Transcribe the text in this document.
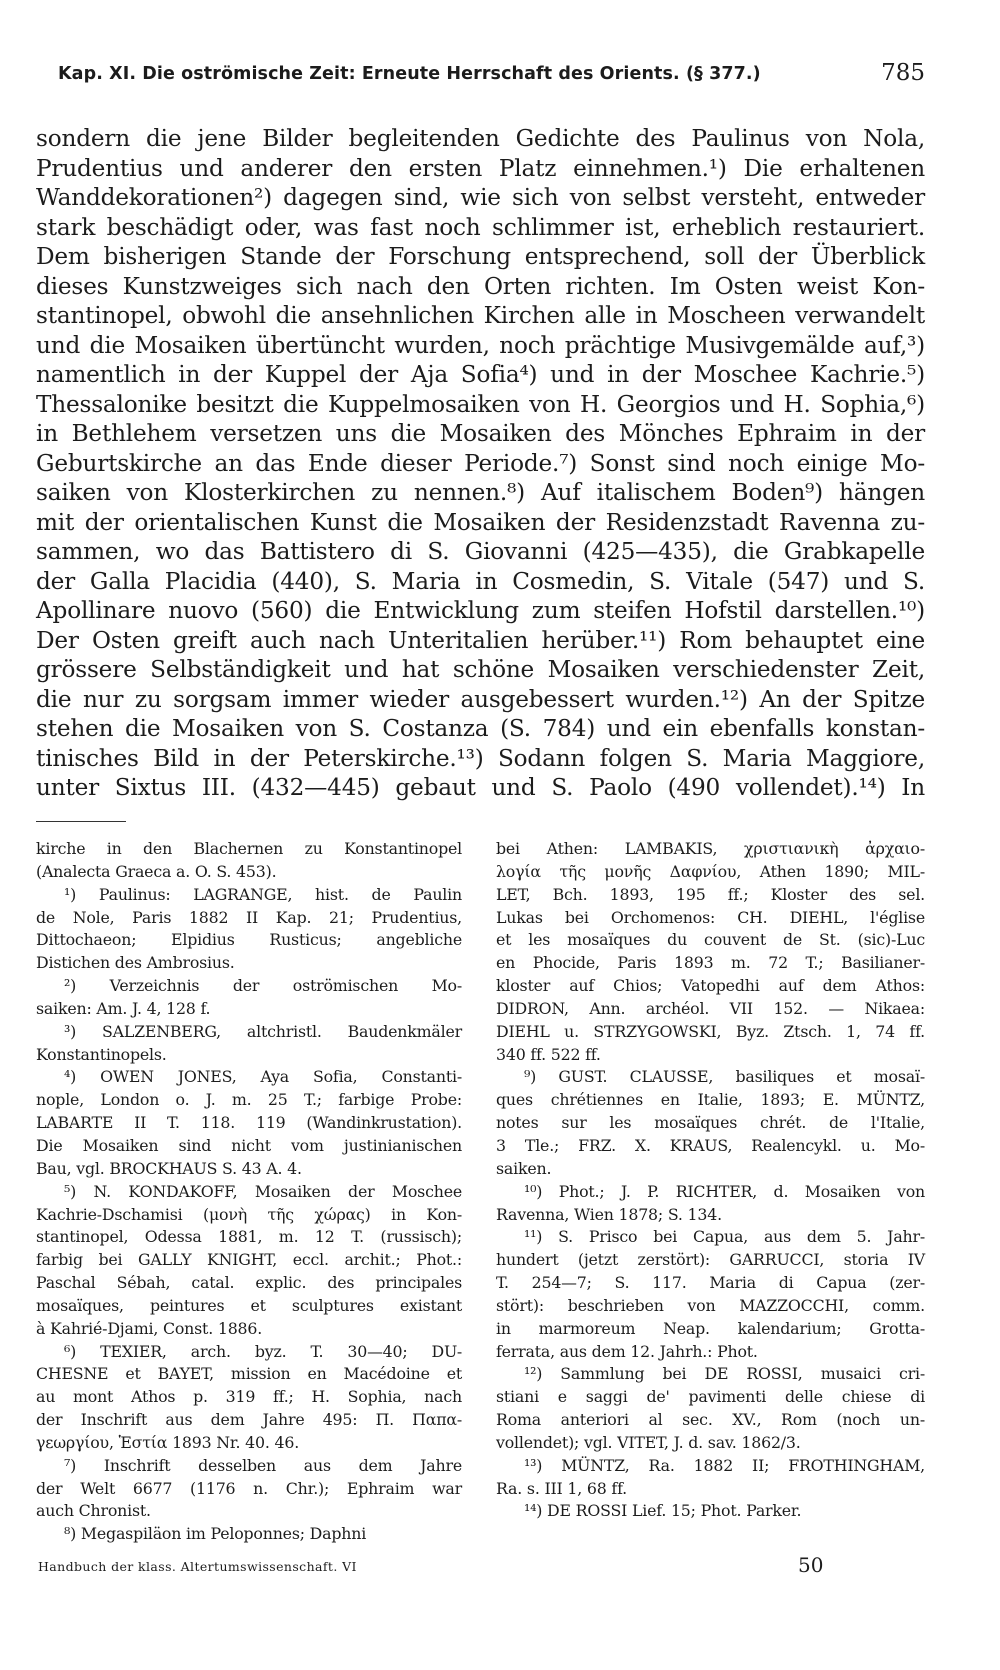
Kap. XI. Die oströmische Zeit: Erneute Herrschaft des Orients. (§ 377.)	785
sondern die jene Bilder begleitenden Gedichte des Paulinus von Nola,
Prudentius und anderer den ersten Platz einnehmen.¹) Die erhaltenen
Wanddekorationen²) dagegen sind, wie sich von selbst versteht, entweder
stark beschädigt oder, was fast noch schlimmer ist, erheblich restauriert.
Dem bisherigen Stande der Forschung entsprechend, soll der Überblick
dieses Kunstzweiges sich nach den Orten richten. Im Osten weist Kon-
stantinopel, obwohl die ansehnlichen Kirchen alle in Moscheen verwandelt
und die Mosaiken übertüncht wurden, noch prächtige Musivgemälde auf,³)
namentlich in der Kuppel der Aja Sofia⁴) und in der Moschee Kachrie.⁵)
Thessalonike besitzt die Kuppelmosaiken von H. Georgios und H. Sophia,⁶)
in Bethlehem versetzen uns die Mosaiken des Mönches Ephraim in der
Geburtskirche an das Ende dieser Periode.⁷) Sonst sind noch einige Mo-
saiken von Klosterkirchen zu nennen.⁸) Auf italischem Boden⁹) hängen
mit der orientalischen Kunst die Mosaiken der Residenzstadt Ravenna zu-
sammen, wo das Battistero di S. Giovanni (425—435), die Grabkapelle
der Galla Placidia (440), S. Maria in Cosmedin, S. Vitale (547) und S.
Apollinare nuovo (560) die Entwicklung zum steifen Hofstil darstellen.¹⁰)
Der Osten greift auch nach Unteritalien herüber.¹¹) Rom behauptet eine
grössere Selbständigkeit und hat schöne Mosaiken verschiedenster Zeit,
die nur zu sorgsam immer wieder ausgebessert wurden.¹²) An der Spitze
stehen die Mosaiken von S. Costanza (S. 784) und ein ebenfalls konstan-
tinisches Bild in der Peterskirche.¹³) Sodann folgen S. Maria Maggiore,
unter Sixtus III. (432—445) gebaut und S. Paolo (490 vollendet).¹⁴) In
kirche in den Blachernen zu Konstantinopel
(Analecta Graeca a. O. S. 453).
¹) Paulinus: LAGRANGE, hist. de Paulin
de Nole, Paris 1882 II Kap. 21; Prudentius,
Dittochaeon; Elpidius Rusticus; angebliche
Distichen des Ambrosius.
²) Verzeichnis der oströmischen Mo-
saiken: Am. J. 4, 128 f.
³) SALZENBERG, altchristl. Baudenkmäler
Konstantinopels.
⁴) OWEN JONES, Aya Sofia, Constanti-
nople, London o. J. m. 25 T.; farbige Probe:
LABARTE II T. 118. 119 (Wandinkrustation).
Die Mosaiken sind nicht vom justinianischen
Bau, vgl. BROCKHAUS S. 43 A. 4.
⁵) N. KONDAKOFF, Mosaiken der Moschee
Kachrie-Dschamisi (μονὴ τῆς χώρας) in Kon-
stantinopel, Odessa 1881, m. 12 T. (russisch);
farbig bei GALLY KNIGHT, eccl. archit.; Phot.:
Paschal Sébah, catal. explic. des principales
mosaïques, peintures et sculptures existant
à Kahrié-Djami, Const. 1886.
⁶) TEXIER, arch. byz. T. 30—40; DU-
CHESNE et BAYET, mission en Macédoine et
au mont Athos p. 319 ff.; H. Sophia, nach
der Inschrift aus dem Jahre 495: Π. Παπα-
γεωργίου, Ἑστία 1893 Nr. 40. 46.
⁷) Inschrift desselben aus dem Jahre
der Welt 6677 (1176 n. Chr.); Ephraim war
auch Chronist.
⁸) Megaspiläon im Peloponnes; Daphni
bei Athen: LAMBAKIS, χριστιανικὴ ἀρχαιο-
λογία τῆς μονῆς Δαφνίου, Athen 1890; MIL-
LET, Bch. 1893, 195 ff.; Kloster des sel.
Lukas bei Orchomenos: CH. DIEHL, l'église
et les mosaïques du couvent de St. (sic)-Luc
en Phocide, Paris 1893 m. 72 T.; Basilianer-
kloster auf Chios; Vatopedhi auf dem Athos:
DIDRON, Ann. archéol. VII 152. — Nikaea:
DIEHL u. STRZYGOWSKI, Byz. Ztsch. 1, 74 ff.
340 ff. 522 ff.
⁹) GUST. CLAUSSE, basiliques et mosaï-
ques chrétiennes en Italie, 1893; E. MÜNTZ,
notes sur les mosaïques chrét. de l'Italie,
3 Tle.; FRZ. X. KRAUS, Realencykl. u. Mo-
saiken.
¹⁰) Phot.; J. P. RICHTER, d. Mosaiken von
Ravenna, Wien 1878; S. 134.
¹¹) S. Prisco bei Capua, aus dem 5. Jahr-
hundert (jetzt zerstört): GARRUCCI, storia IV
T. 254—7; S. 117. Maria di Capua (zer-
stört): beschrieben von MAZZOCCHI, comm.
in marmoreum Neap. kalendarium; Grotta-
ferrata, aus dem 12. Jahrh.: Phot.
¹²) Sammlung bei DE ROSSI, musaici cri-
stiani e saggi de' pavimenti delle chiese di
Roma anteriori al sec. XV., Rom (noch un-
vollendet); vgl. VITET, J. d. sav. 1862/3.
¹³) MÜNTZ, Ra. 1882 II; FROTHINGHAM,
Ra. s. III 1, 68 ff.
¹⁴) DE ROSSI Lief. 15; Phot. Parker.
Handbuch der klass. Altertumswissenschaft. VI	50
